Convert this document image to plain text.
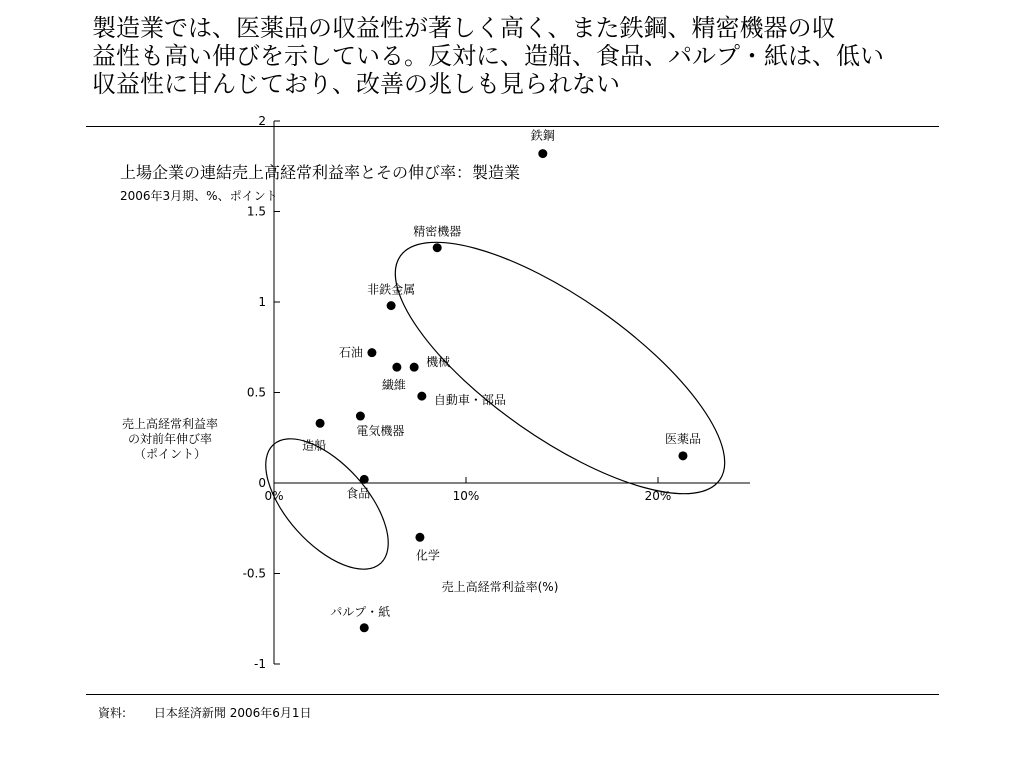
製造業では、医薬品の収益性が著しく高く、また鉄鋼、精密機器の収
益性も高い伸びを示している。反対に、造船、食品、パルプ・紙は、低い
収益性に甘んじており、改善の兆しも見られない
上場企業の連結売上高経常利益率とその伸び率：製造業
2006年3月期、%、ポイント
2
1.5
1
0.5
0
-0.5
-1
0%	10%	20%
鉄鋼
精密機器
非鉄金属
石油
機械
繊維
自動車・部品
電気機器
造船
食品
化学
パルプ・紙
医薬品
売上高経常利益率(%)
売上高経常利益率
の対前年伸び率
（ポイント）
資料: 日本経済新聞 2006年6月1日
